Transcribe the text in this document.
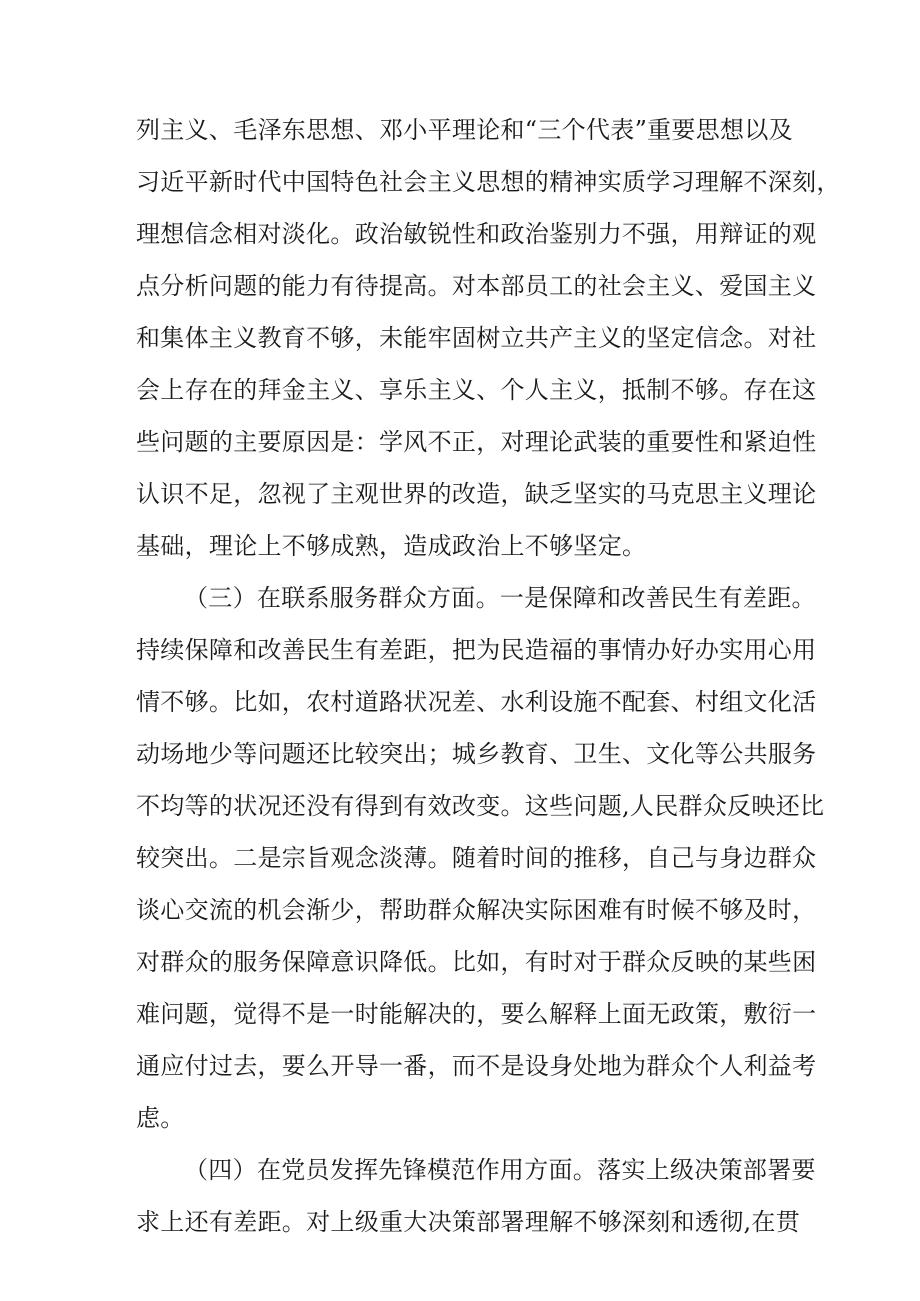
列主义、毛泽东思想、邓小平理论和“三个代表”重要思想以及
习近平新时代中国特色社会主义思想的精神实质学习理解不深刻，
理想信念相对淡化。政治敏锐性和政治鉴别力不强，用辩证的观
点分析问题的能力有待提高。对本部员工的社会主义、爱国主义
和集体主义教育不够，未能牢固树立共产主义的坚定信念。对社
会上存在的拜金主义、享乐主义、个人主义，抵制不够。存在这
些问题的主要原因是：学风不正，对理论武装的重要性和紧迫性
认识不足，忽视了主观世界的改造，缺乏坚实的马克思主义理论
基础，理论上不够成熟，造成政治上不够坚定。
（三）在联系服务群众方面。一是保障和改善民生有差距。
持续保障和改善民生有差距，把为民造福的事情办好办实用心用
情不够。比如，农村道路状况差、水利设施不配套、村组文化活
动场地少等问题还比较突出；城乡教育、卫生、文化等公共服务
不均等的状况还没有得到有效改变。这些问题,人民群众反映还比
较突出。二是宗旨观念淡薄。随着时间的推移，自己与身边群众
谈心交流的机会渐少，帮助群众解决实际困难有时候不够及时，
对群众的服务保障意识降低。比如，有时对于群众反映的某些困
难问题，觉得不是一时能解决的，要么解释上面无政策，敷衍一
通应付过去，要么开导一番，而不是设身处地为群众个人利益考
虑。
（四）在党员发挥先锋模范作用方面。落实上级决策部署要
求上还有差距。对上级重大决策部署理解不够深刻和透彻,在贯
